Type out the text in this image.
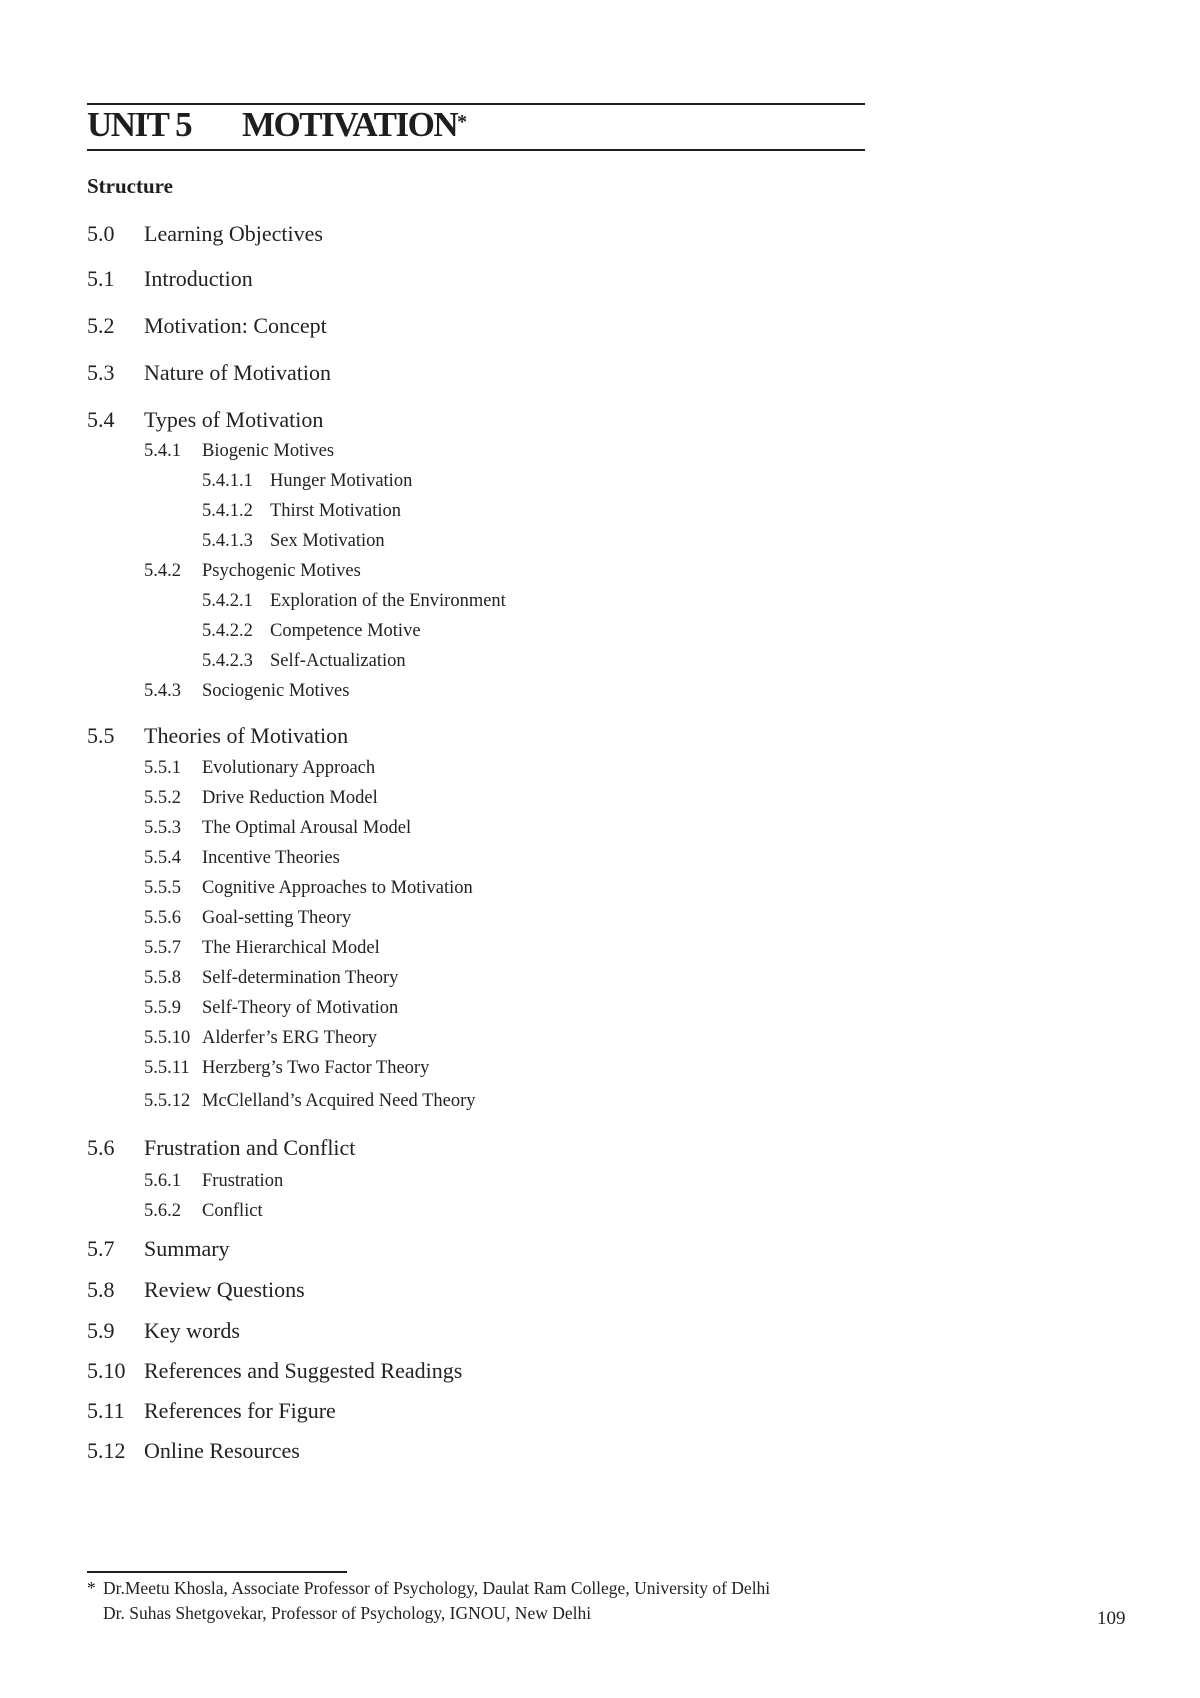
UNIT 5 MOTIVATION*
Structure
5.0 Learning Objectives
5.1 Introduction
5.2 Motivation: Concept
5.3 Nature of Motivation
5.4 Types of Motivation
5.4.1 Biogenic Motives
5.4.1.1 Hunger Motivation
5.4.1.2 Thirst Motivation
5.4.1.3 Sex Motivation
5.4.2 Psychogenic Motives
5.4.2.1 Exploration of the Environment
5.4.2.2 Competence Motive
5.4.2.3 Self-Actualization
5.4.3 Sociogenic Motives
5.5 Theories of Motivation
5.5.1 Evolutionary Approach
5.5.2 Drive Reduction Model
5.5.3 The Optimal Arousal Model
5.5.4 Incentive Theories
5.5.5 Cognitive Approaches to Motivation
5.5.6 Goal-setting Theory
5.5.7 The Hierarchical Model
5.5.8 Self-determination Theory
5.5.9 Self-Theory of Motivation
5.5.10 Alderfer’s ERG Theory
5.5.11 Herzberg’s Two Factor Theory
5.5.12 McClelland’s Acquired Need Theory
5.6 Frustration and Conflict
5.6.1 Frustration
5.6.2 Conflict
5.7 Summary
5.8 Review Questions
5.9 Key words
5.10 References and Suggested Readings
5.11 References for Figure
5.12 Online Resources
* Dr.Meetu Khosla, Associate Professor of Psychology, Daulat Ram College, University of Delhi
Dr. Suhas Shetgovekar, Professor of Psychology, IGNOU, New Delhi	109
